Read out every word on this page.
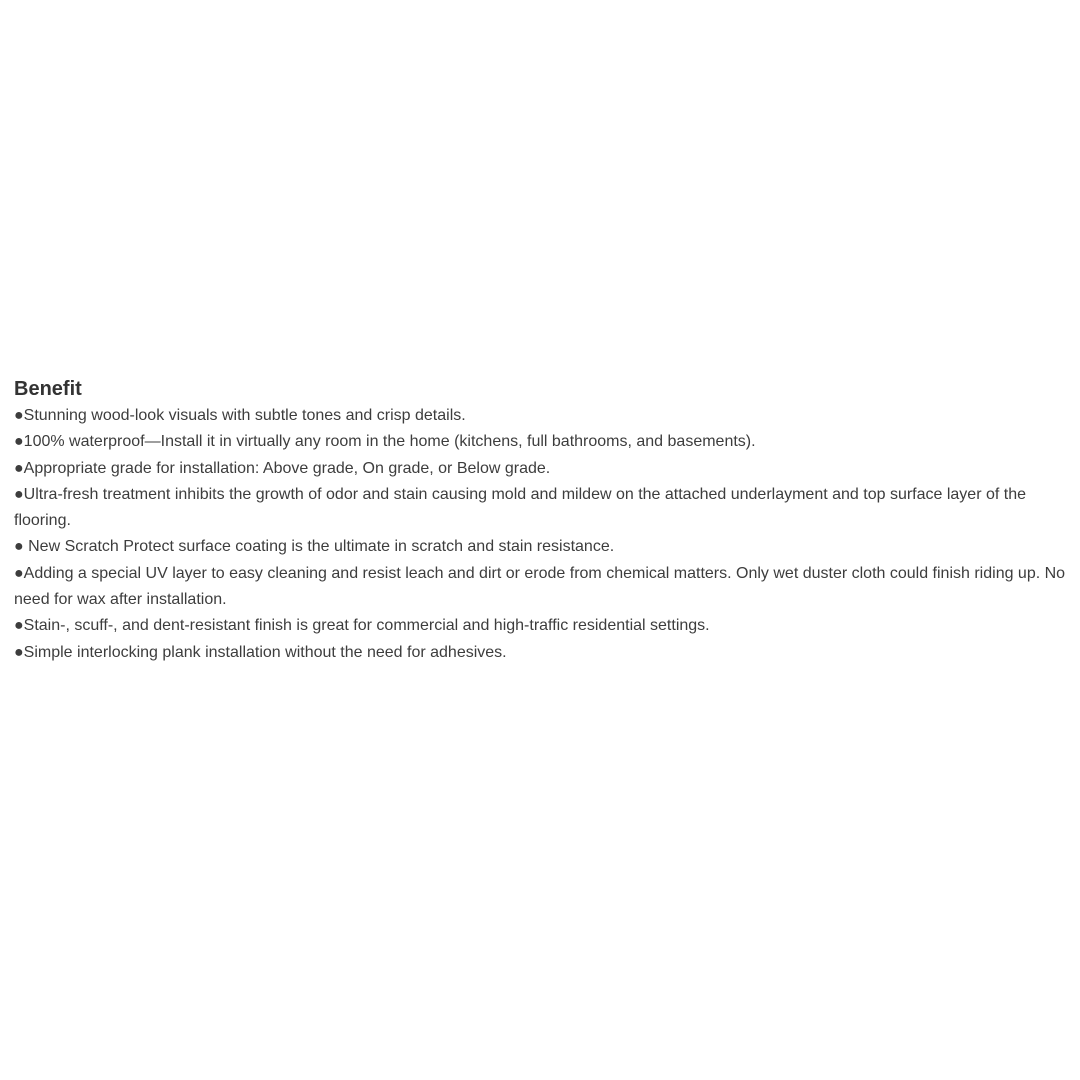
Benefit
●Stunning wood-look visuals with subtle tones and crisp details.
●100% waterproof—Install it in virtually any room in the home (kitchens, full bathrooms, and basements).
●Appropriate grade for installation: Above grade, On grade, or Below grade.
●Ultra-fresh treatment inhibits the growth of odor and stain causing mold and mildew on the attached underlayment and top surface layer of the flooring.
● New Scratch Protect surface coating is the ultimate in scratch and stain resistance.
●Adding a special UV layer to easy cleaning and resist leach and dirt or erode from chemical matters. Only wet duster cloth could finish riding up. No need for wax after installation.
●Stain-, scuff-, and dent-resistant finish is great for commercial and high-traffic residential settings.
●Simple interlocking plank installation without the need for adhesives.
